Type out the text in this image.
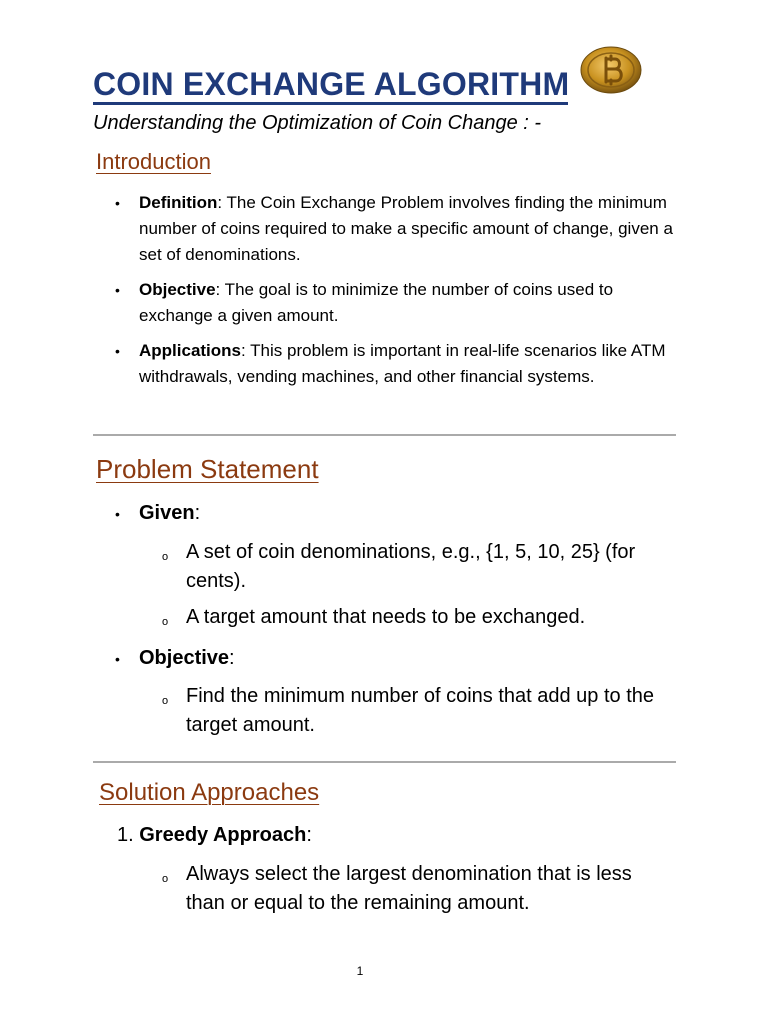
COIN EXCHANGE ALGORITHM
Understanding the Optimization of Coin Change : -
Introduction
• Definition: The Coin Exchange Problem involves finding the minimum number of coins required to make a specific amount of change, given a set of denominations.
• Objective: The goal is to minimize the number of coins used to exchange a given amount.
• Applications: This problem is important in real-life scenarios like ATM withdrawals, vending machines, and other financial systems.
Problem Statement
• Given:
o A set of coin denominations, e.g., {1, 5, 10, 25} (for cents).
o A target amount that needs to be exchanged.
• Objective:
o Find the minimum number of coins that add up to the target amount.
Solution Approaches
1. Greedy Approach:
o Always select the largest denomination that is less than or equal to the remaining amount.
1
